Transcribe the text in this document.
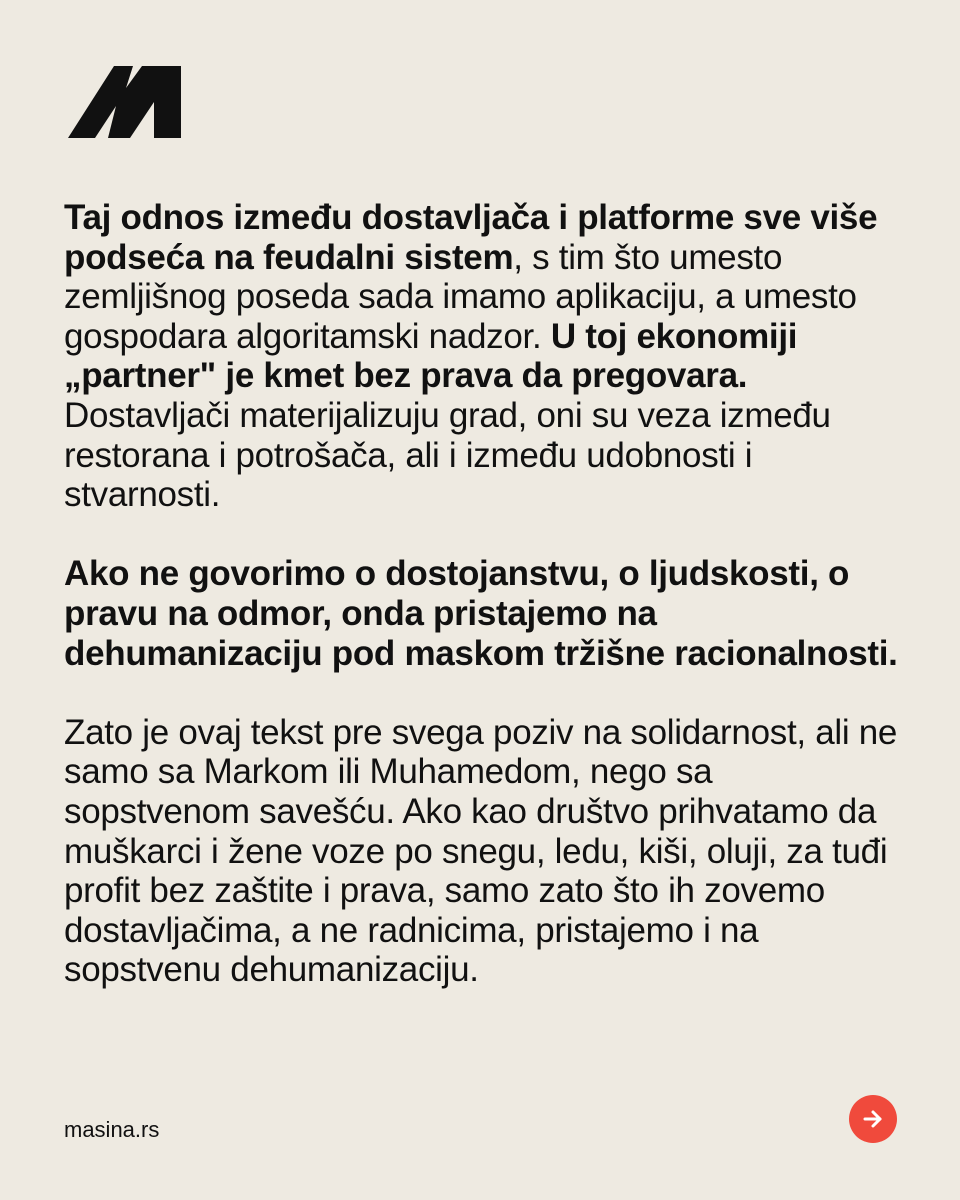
Taj odnos između dostavljača i platforme sve više podseća na feudalni sistem, s tim što umesto zemljišnog poseda sada imamo aplikaciju, a umesto gospodara algoritamski nadzor. U toj ekonomiji „partner" je kmet bez prava da pregovara. Dostavljači materijalizuju grad, oni su veza između restorana i potrošača, ali i između udobnosti i stvarnosti.

Ako ne govorimo o dostojanstvu, o ljudskosti, o pravu na odmor, onda pristajemo na dehumanizaciju pod maskom tržišne racionalnosti.

Zato je ovaj tekst pre svega poziv na solidarnost, ali ne samo sa Markom ili Muhamedom, nego sa sopstvenom savešću. Ako kao društvo prihvatamo da muškarci i žene voze po snegu, ledu, kiši, oluji, za tuđi profit bez zaštite i prava, samo zato što ih zovemo dostavljačima, a ne radnicima, pristajemo i na sopstvenu dehumanizaciju.

masina.rs
